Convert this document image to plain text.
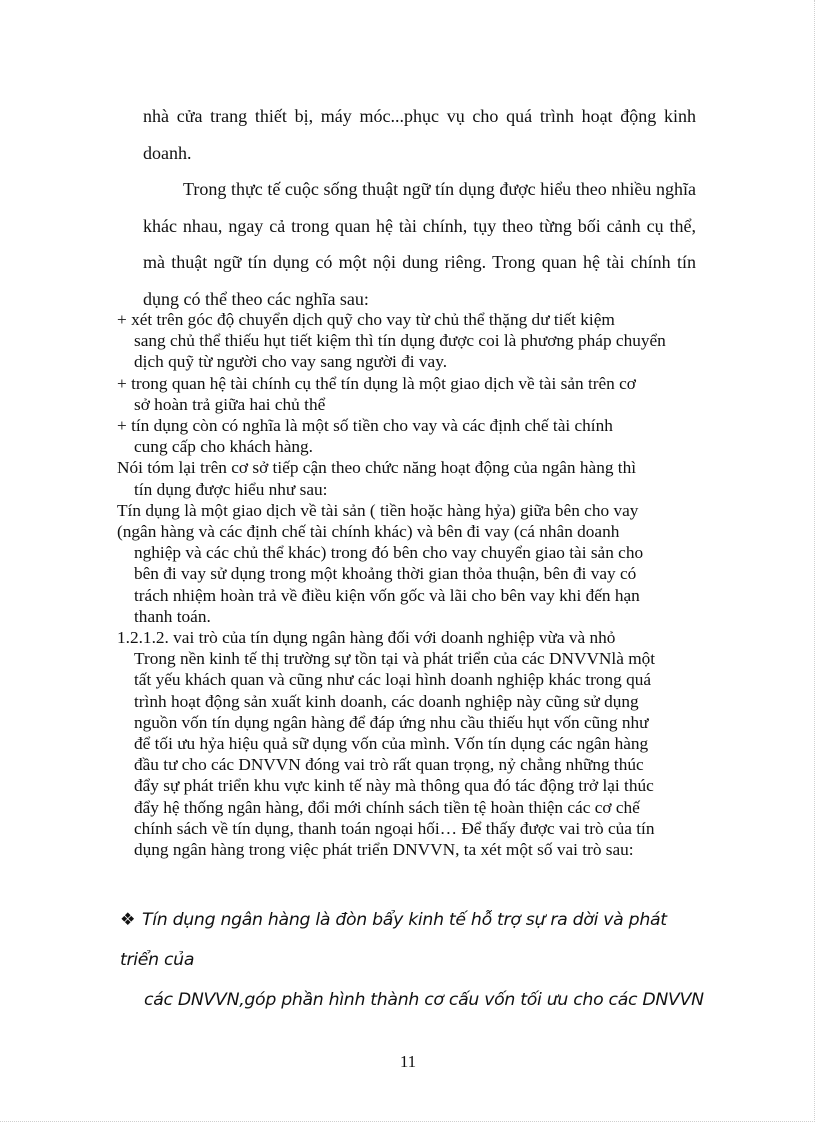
nhà cửa trang thiết bị, máy móc...phục vụ cho quá trình hoạt động kinh doanh.

Trong thực tế cuộc sống thuật ngữ tín dụng được hiểu theo nhiều nghĩa khác nhau, ngay cả trong quan hệ tài chính, tụy theo từng bối cảnh cụ thể, mà thuật ngữ tín dụng có một nội dung riêng. Trong quan hệ tài chính tín dụng có thể theo các nghĩa sau:

+ xét trên góc độ chuyển dịch quỹ cho vay từ chủ thể thặng dư tiết kiệm

sang chủ thể thiếu hụt tiết kiệm thì tín dụng được coi là phương pháp chuyển

dịch quỹ từ người cho vay sang người đi vay.

+ trong quan hệ tài chính cụ thể tín dụng là một giao dịch về tài sản trên cơ

sở hoàn trả giữa hai chủ thể

+ tín dụng còn có nghĩa là một số tiền cho vay và các định chế tài chính

cung cấp cho khách hàng.

Nói tóm lại trên cơ sở tiếp cận theo chức năng hoạt động của ngân hàng thì

tín dụng được hiểu như sau:

Tín dụng là một giao dịch về tài sản ( tiền hoặc hàng hỷa) giữa bên cho vay

(ngân hàng và các định chế tài chính khác) và bên đi vay (cá nhân doanh

nghiệp và các chủ thể khác) trong đó bên cho vay chuyển giao tài sản cho

bên đi vay sử dụng trong một khoảng thời gian thỏa thuận, bên đi vay có

trách nhiệm hoàn trả về điều kiện vốn gốc và lãi cho bên vay khi đến hạn

thanh toán.

1.2.1.2. vai trò của tín dụng ngân hàng đối với doanh nghiệp vừa và nhỏ

Trong nền kinh tế thị trường sự tồn tại và phát triển của các DNVVNlà một

tất yếu khách quan và cũng như các loại hình doanh nghiệp khác trong quá

trình hoạt động sản xuất kinh doanh, các doanh nghiệp này cũng sử dụng

nguồn vốn tín dụng ngân hàng để đáp ứng nhu cầu thiếu hụt vốn cũng như

để tối ưu hỷa hiệu quả sữ dụng vốn của mình. Vốn tín dụng các ngân hàng

đầu tư cho các DNVVN đóng vai trò rất quan trọng, nỷ chẳng những thúc

đẩy sự phát triển khu vực kinh tế này mà thông qua đó tác động trở lại thúc

đẩy hệ thống ngân hàng, đổi mới chính sách tiền tệ hoàn thiện các cơ chế

chính sách về tín dụng, thanh toán ngoại hối… Để thấy được vai trò của tín

dụng ngân hàng trong việc phát triển DNVVN, ta xét một số vai trò sau:

❖ Tín dụng ngân hàng là đòn bẩy kinh tế hỗ trợ sự ra dời và phát triển của
các DNVVN,góp phần hình thành cơ cấu vốn tối ưu cho các DNVVN
11
